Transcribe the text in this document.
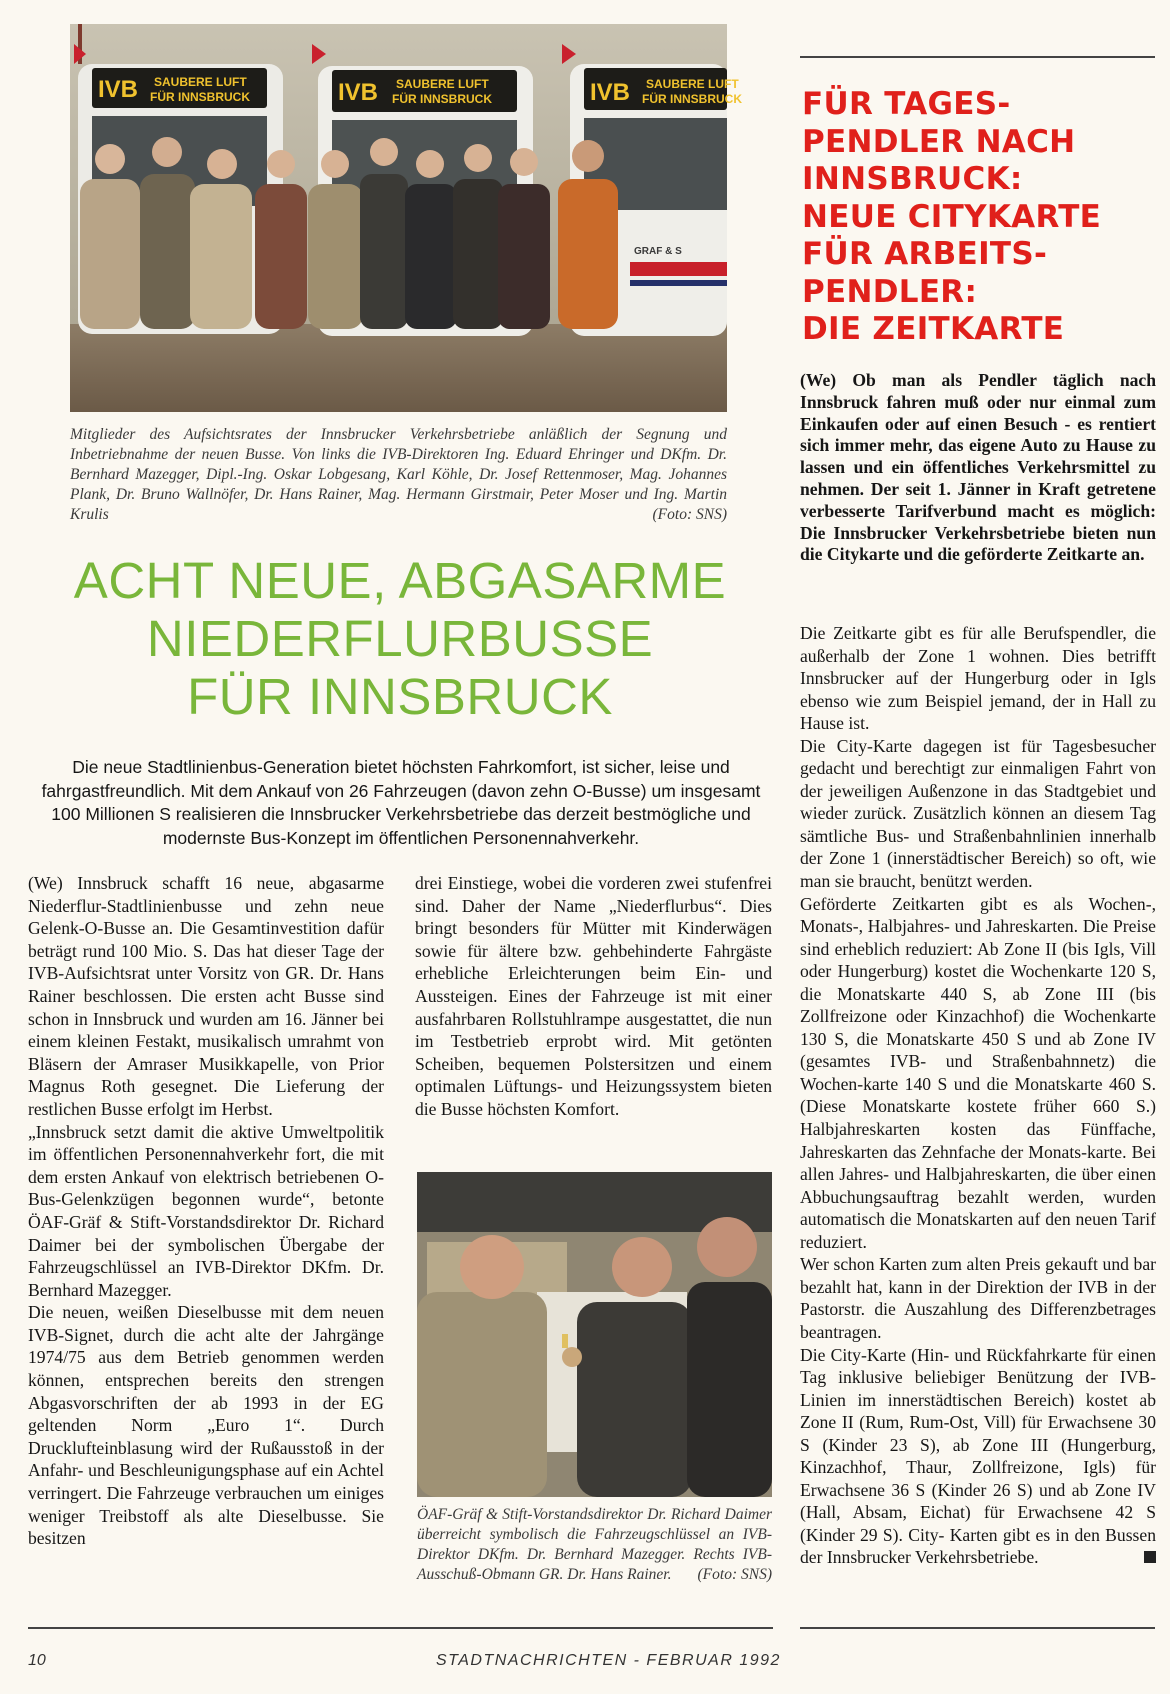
IVB SAUBERE LUFT
FÜR INNSBRUCK	IVB SAUBERE LUFT
FÜR INNSBRUCK	IVB SAUBERE LUFT
FÜR INNSBRUCK
GRAF & S
Mitglieder des Aufsichtsrates der Innsbrucker Verkehrsbetriebe anläßlich der Segnung und Inbetriebnahme der neuen Busse. Von links die IVB-Direktoren Ing. Eduard Ehringer und DKfm. Dr. Bernhard Mazegger, Dipl.-Ing. Oskar Lobgesang, Karl Köhle, Dr. Josef Rettenmoser, Mag. Johannes Plank, Dr. Bruno Wallnöfer, Dr. Hans Rainer, Mag. Hermann Girstmair, Peter Moser und Ing. Martin Krulis	(Foto: SNS)
ACHT NEUE, ABGASARME
NIEDERFLURBUSSE
FÜR INNSBRUCK
Die neue Stadtlinienbus-Generation bietet höchsten Fahrkomfort, ist sicher, leise und fahrgastfreundlich. Mit dem Ankauf von 26 Fahrzeugen (davon zehn O-Busse) um insgesamt 100 Millionen S realisieren die Innsbrucker Verkehrsbetriebe das derzeit bestmögliche und modernste Bus-Konzept im öffentlichen Personennahverkehr.

(We) Innsbruck schafft 16 neue, abgasarme Niederflur-Stadtlinienbusse und zehn neue Gelenk-O-Busse an. Die Gesamtinvestition dafür beträgt rund 100 Mio. S. Das hat dieser Tage der IVB-Aufsichtsrat unter Vorsitz von GR. Dr. Hans Rainer beschlossen. Die ersten acht Busse sind schon in Innsbruck und wurden am 16. Jänner bei einem kleinen Festakt, musikalisch umrahmt von Bläsern der Amraser Musikkapelle, von Prior Magnus Roth gesegnet. Die Lieferung der restlichen Busse erfolgt im Herbst.

„Innsbruck setzt damit die aktive Umweltpolitik im öffentlichen Personennahverkehr fort, die mit dem ersten Ankauf von elektrisch betriebenen O-Bus-Gelenkzügen begonnen wurde“, betonte ÖAF-Gräf & Stift-Vorstandsdirektor Dr. Richard Daimer bei der symbolischen Übergabe der Fahrzeugschlüssel an IVB-Direktor DKfm. Dr. Bernhard Mazegger.

Die neuen, weißen Dieselbusse mit dem neuen IVB-Signet, durch die acht alte der Jahrgänge 1974/75 aus dem Betrieb genommen werden können, entsprechen bereits den strengen Abgasvorschriften der ab 1993 in der EG geltenden Norm „Euro 1“. Durch Drucklufteinblasung wird der Rußausstoß in der Anfahr- und Beschleunigungsphase auf ein Achtel verringert. Die Fahrzeuge verbrauchen um einiges weniger Treibstoff als alte Dieselbusse. Sie besitzen

drei Einstiege, wobei die vorderen zwei stufenfrei sind. Daher der Name „Niederflurbus“. Dies bringt besonders für Mütter mit Kinderwägen sowie für ältere bzw. gehbehinderte Fahrgäste erhebliche Erleichterungen beim Ein- und Aussteigen. Eines der Fahrzeuge ist mit einer ausfahrbaren Rollstuhlrampe ausgestattet, die nun im Testbetrieb erprobt wird. Mit getönten Scheiben, bequemen Polstersitzen und einem optimalen Lüftungs- und Heizungssystem bieten die Busse höchsten Komfort.

ÖAF-Gräf & Stift-Vorstandsdirektor Dr. Richard Daimer überreicht symbolisch die Fahrzeugschlüssel an IVB-Direktor DKfm. Dr. Bernhard Mazegger. Rechts IVB-Ausschuß-Obmann GR. Dr. Hans Rainer. (Foto: SNS)
FÜR TAGES-
PENDLER NACH
INNSBRUCK:
NEUE CITYKARTE
FÜR ARBEITS-
PENDLER:
DIE ZEITKARTE
(We) Ob man als Pendler täglich nach Innsbruck fahren muß oder nur einmal zum Einkaufen oder auf einen Besuch - es rentiert sich immer mehr, das eigene Auto zu Hause zu lassen und ein öffentliches Verkehrsmittel zu nehmen. Der seit 1. Jänner in Kraft getretene verbesserte Tarifverbund macht es möglich: Die Innsbrucker Verkehrsbetriebe bieten nun die Citykarte und die geförderte Zeitkarte an.

Die Zeitkarte gibt es für alle Berufspendler, die außerhalb der Zone 1 wohnen. Dies betrifft Innsbrucker auf der Hungerburg oder in Igls ebenso wie zum Beispiel jemand, der in Hall zu Hause ist.

Die City-Karte dagegen ist für Tagesbesucher gedacht und berechtigt zur einmaligen Fahrt von der jeweiligen Außenzone in das Stadtgebiet und wieder zurück. Zusätzlich können an diesem Tag sämtliche Bus- und Straßenbahnlinien innerhalb der Zone 1 (innerstädtischer Bereich) so oft, wie man sie braucht, benützt werden.

Geförderte Zeitkarten gibt es als Wochen-, Monats-, Halbjahres- und Jahreskarten. Die Preise sind erheblich reduziert: Ab Zone II (bis Igls, Vill oder Hungerburg) kostet die Wochenkarte 120 S, die Monatskarte 440 S, ab Zone III (bis Zollfreizone oder Kinzachhof) die Wochenkarte 130 S, die Monatskarte 450 S und ab Zone IV (gesamtes IVB- und Straßenbahnnetz) die Wochen-karte 140 S und die Monatskarte 460 S. (Diese Monatskarte kostete früher 660 S.) Halbjahreskarten kosten das Fünffache, Jahreskarten das Zehnfache der Monats-karte. Bei allen Jahres- und Halbjahreskarten, die über einen Abbuchungsauftrag bezahlt werden, wurden automatisch die Monatskarten auf den neuen Tarif reduziert.

Wer schon Karten zum alten Preis gekauft und bar bezahlt hat, kann in der Direktion der IVB in der Pastorstr. die Auszahlung des Differenzbetrages beantragen.

Die City-Karte (Hin- und Rückfahrkarte für einen Tag inklusive beliebiger Benützung der IVB-Linien im innerstädtischen Bereich) kostet ab Zone II (Rum, Rum-Ost, Vill) für Erwachsene 30 S (Kinder 23 S), ab Zone III (Hungerburg, Kinzachhof, Thaur, Zollfreizone, Igls) für Erwachsene 36 S (Kinder 26 S) und ab Zone IV (Hall, Absam, Eichat) für Erwachsene 42 S (Kinder 29 S). City- Karten gibt es in den Bussen der Innsbrucker Verkehrsbetriebe.

10	STADTNACHRICHTEN - FEBRUAR 1992
